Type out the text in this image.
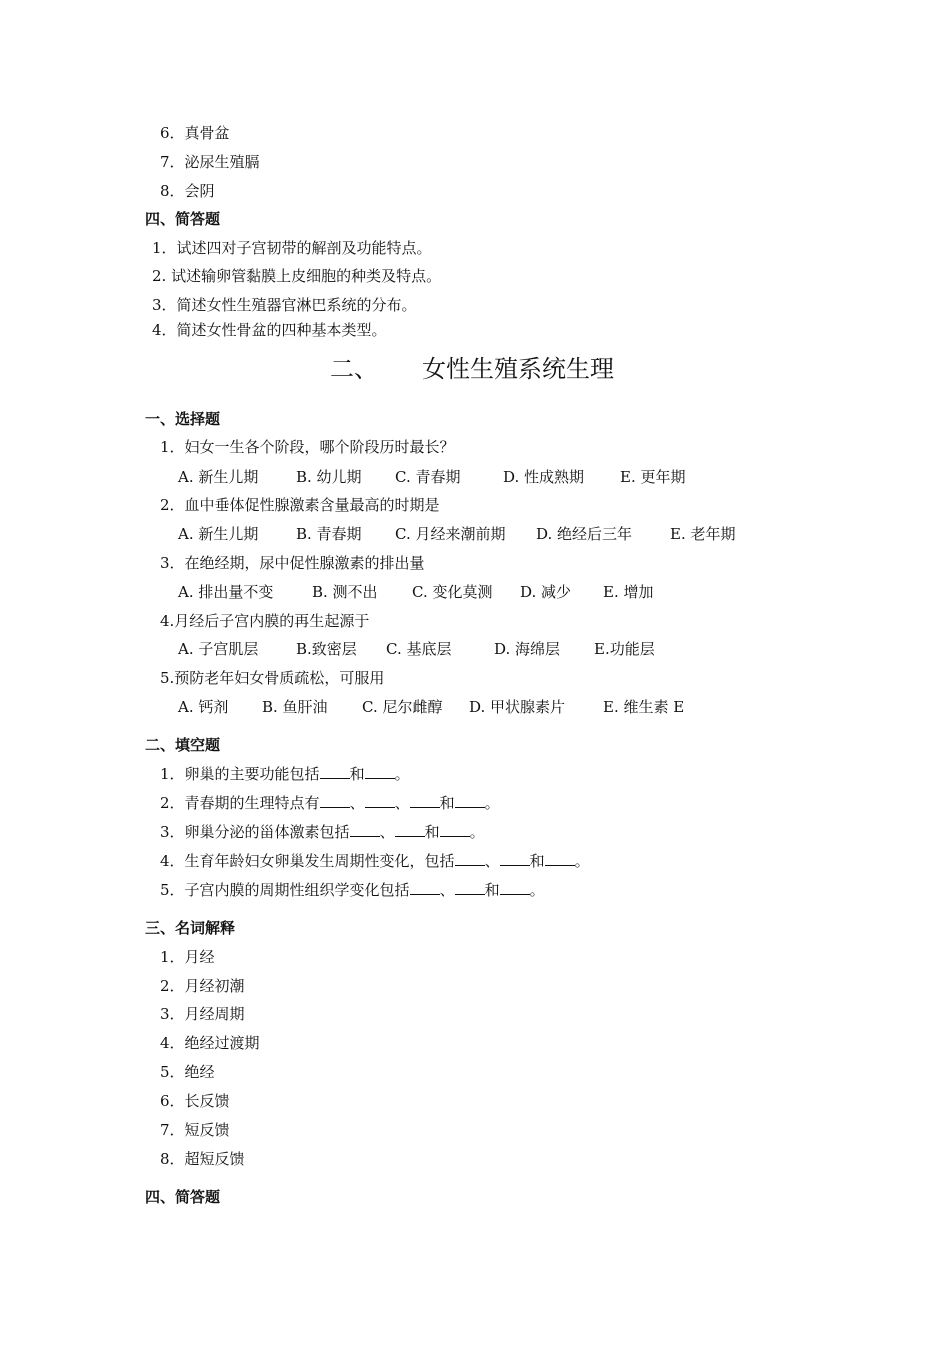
6．真骨盆
7．泌尿生殖膈
8．会阴
四、简答题
1．试述四对子宫韧带的解剖及功能特点。
2. 试述输卵管黏膜上皮细胞的种类及特点。
3．简述女性生殖器官淋巴系统的分布。
4．简述女性骨盆的四种基本类型。
二、 女性生殖系统生理
一、选择题
1．妇女一生各个阶段，哪个阶段历时最长？
A. 新生儿期	B. 幼儿期 C. 青春期	D. 性成熟期 E. 更年期
2．血中垂体促性腺激素含量最高的时期是
A. 新生儿期	B. 青春期 C. 月经来潮前期 D. 绝经后三年	E. 老年期
3．在绝经期，尿中促性腺激素的排出量
A. 排出量不变	B. 测不出 C. 变化莫测 D. 减少 E. 增加
4.月经后子宫内膜的再生起源于
A. 子宫肌层	B.致密层 C. 基底层	D. 海绵层 E.功能层
5.预防老年妇女骨质疏松，可服用
A. 钙剂 B. 鱼肝油 C. 尼尔雌醇 D. 甲状腺素片	E. 维生素 E
二、填空题
1．卵巢的主要功能包括 和 。
2．青春期的生理特点有 、 、 和 。
3．卵巢分泌的甾体激素包括 、 和 。
4．生育年龄妇女卵巢发生周期性变化，包括 、 和 。
5．子宫内膜的周期性组织学变化包括 、 和 。
三、名词解释
1．月经
2．月经初潮
3．月经周期
4．绝经过渡期
5．绝经
6．长反馈
7．短反馈
8．超短反馈
四、简答题
